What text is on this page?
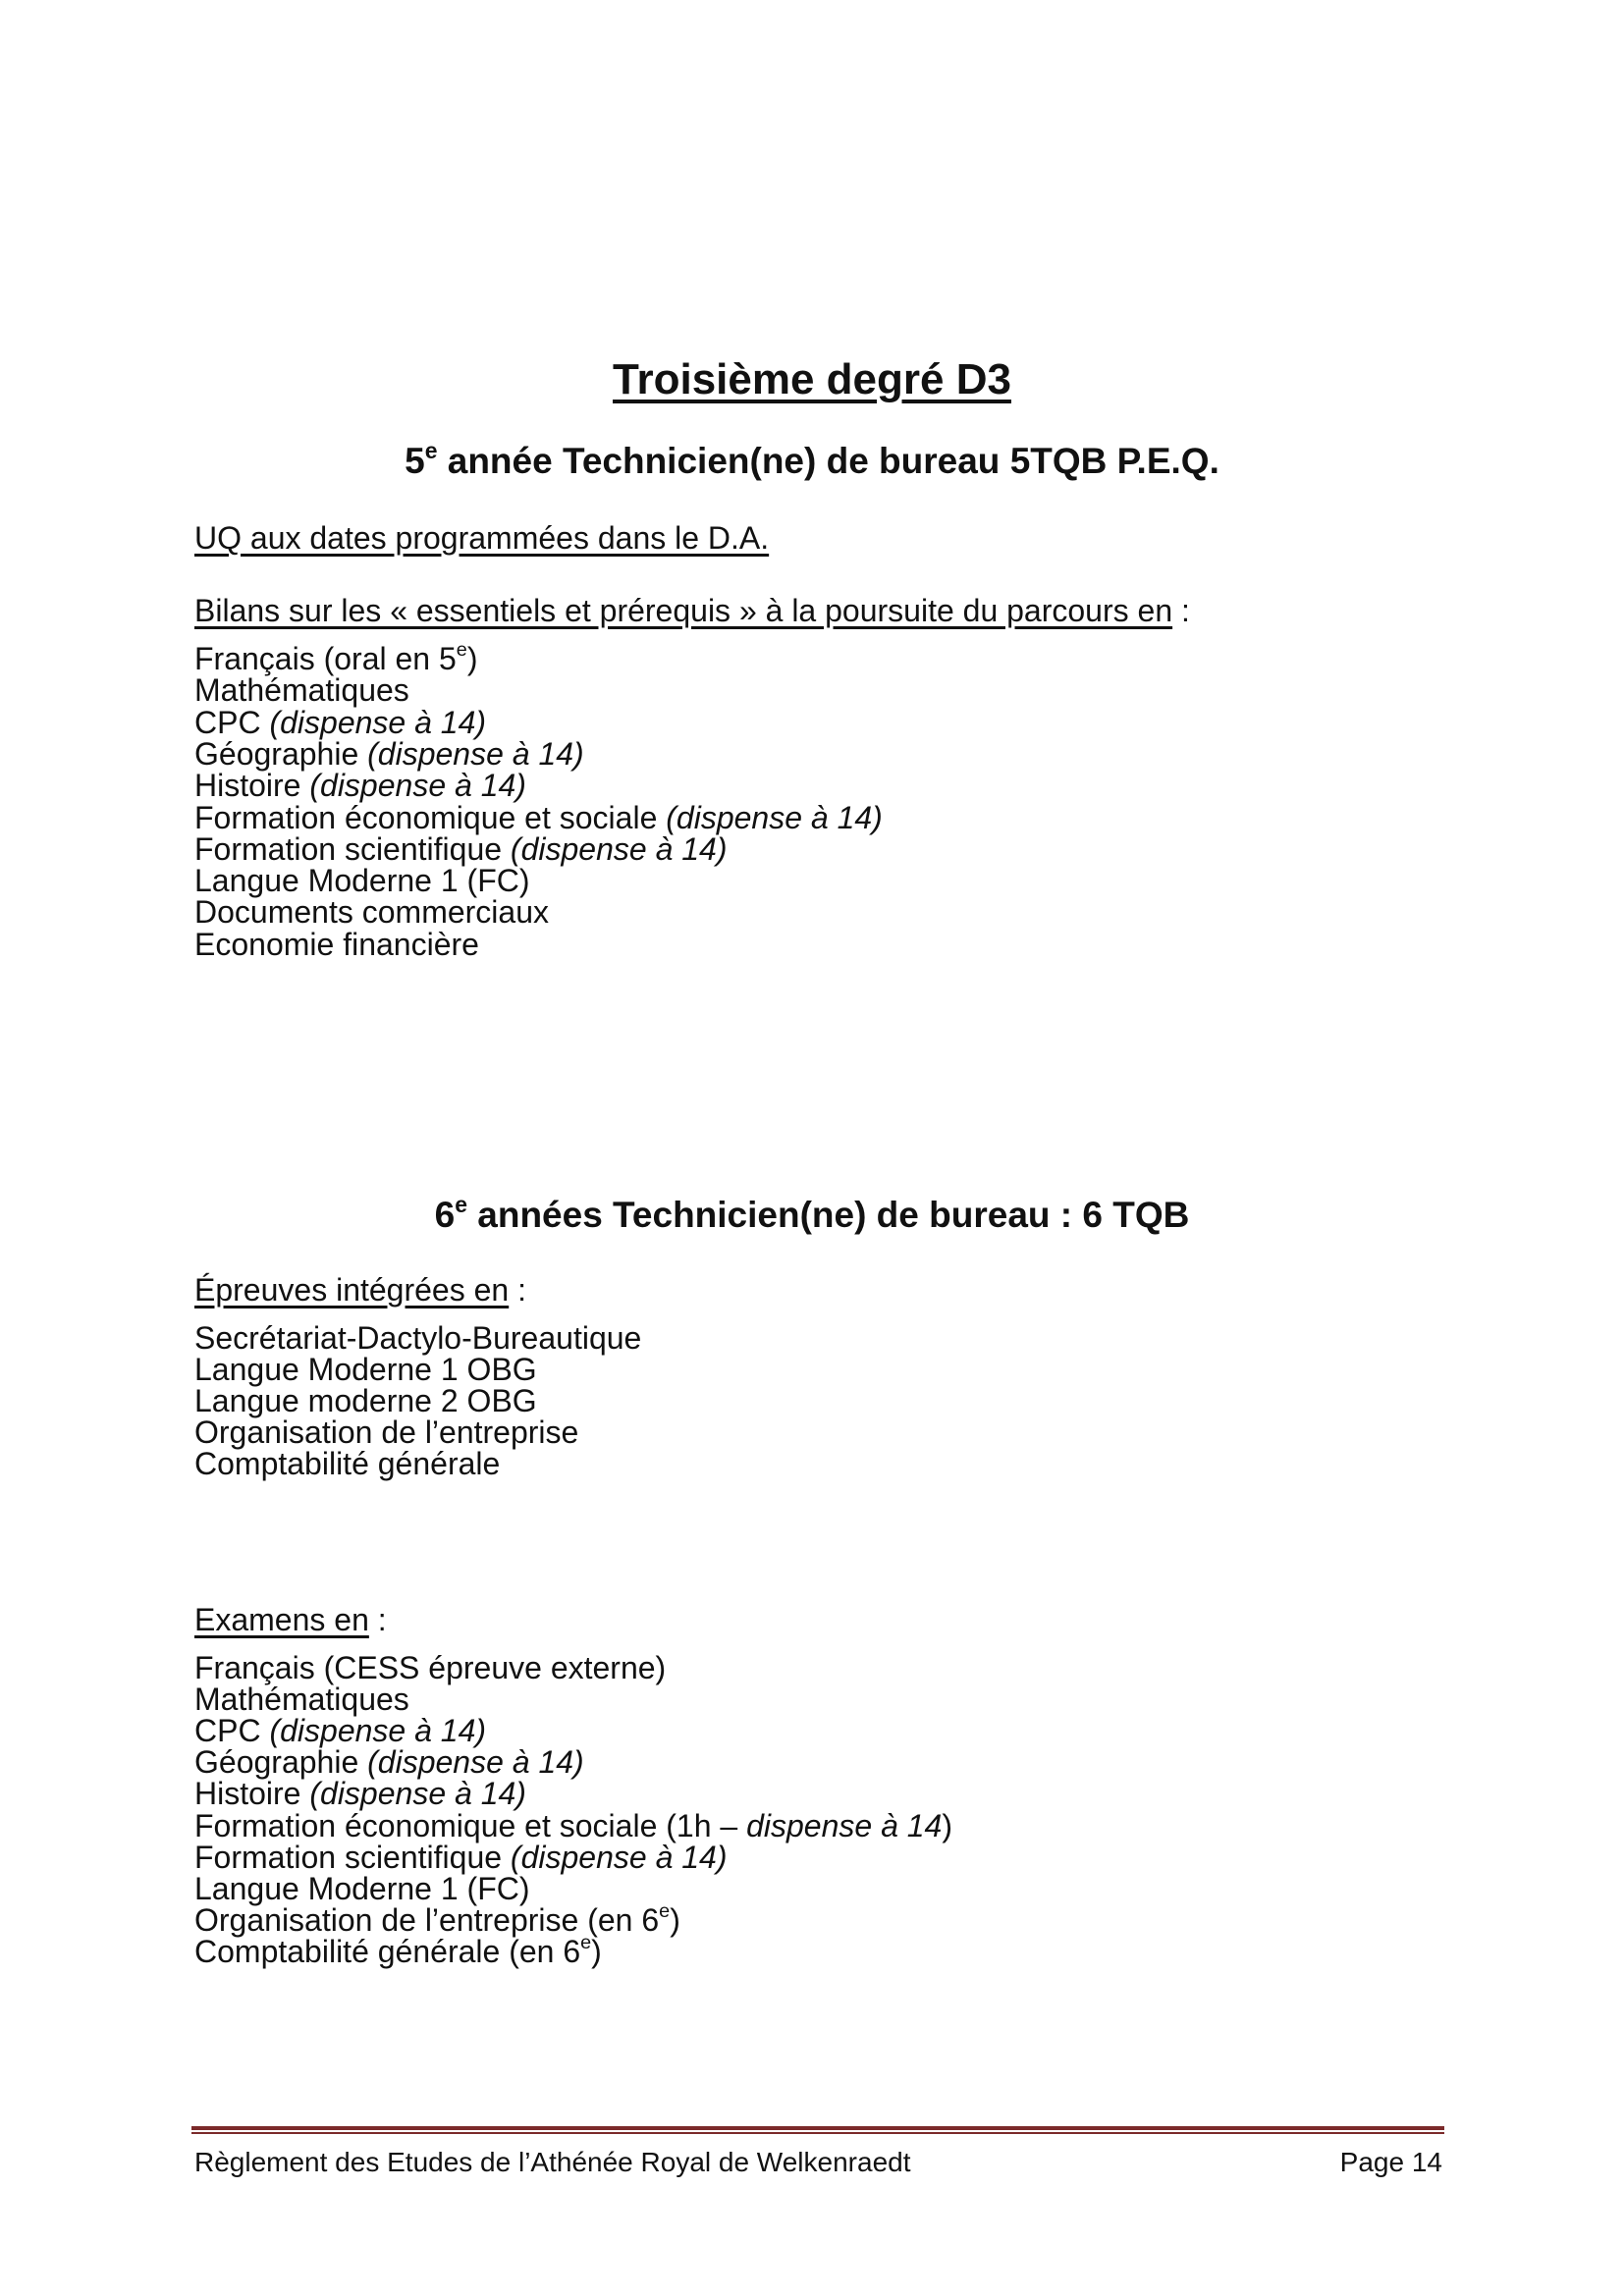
Troisième degré D3
5e année Technicien(ne) de bureau 5TQB P.E.Q.
UQ aux dates programmées dans le D.A.
Bilans sur les « essentiels et prérequis » à la poursuite du parcours en :
Français (oral en 5e)
Mathématiques
CPC (dispense à 14)
Géographie (dispense à 14)
Histoire (dispense à 14)
Formation économique et sociale (dispense à 14)
Formation scientifique (dispense à 14)
Langue Moderne 1 (FC)
Documents commerciaux
Economie financière
6e années Technicien(ne) de bureau : 6 TQB
Épreuves intégrées en :
Secrétariat-Dactylo-Bureautique
Langue Moderne 1 OBG
Langue moderne 2 OBG
Organisation de l’entreprise
Comptabilité générale
Examens en :
Français (CESS épreuve externe)
Mathématiques
CPC (dispense à 14)
Géographie (dispense à 14)
Histoire (dispense à 14)
Formation économique et sociale (1h – dispense à 14)
Formation scientifique (dispense à 14)
Langue Moderne 1 (FC)
Organisation de l’entreprise (en 6e)
Comptabilité générale (en 6e)
Règlement des Etudes de l’Athénée Royal de Welkenraedt	Page 14
